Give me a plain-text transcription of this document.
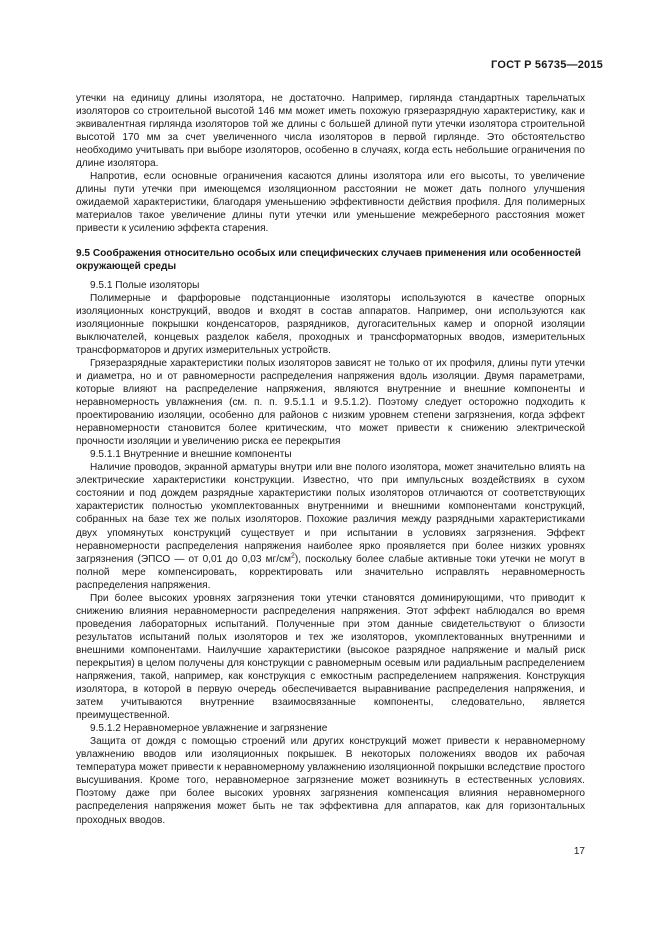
ГОСТ Р 56735—2015

утечки на единицу длины изолятора, не достаточно. Например, гирлянда стандартных тарельчатых изоляторов со строительной высотой 146 мм может иметь похожую грязеразрядную характеристику, как и эквивалентная гирлянда изоляторов той же длины с большей длиной пути утечки изолятора строительной высотой 170 мм за счет увеличенного числа изоляторов в первой гирлянде. Это обстоятельство необходимо учитывать при выборе изоляторов, особенно в случаях, когда есть небольшие ограничения по длине изолятора.

Напротив, если основные ограничения касаются длины изолятора или его высоты, то увеличение длины пути утечки при имеющемся изоляционном расстоянии не может дать полного улучшения ожидаемой характеристики, благодаря уменьшению эффективности действия профиля. Для полимерных материалов такое увеличение длины пути утечки или уменьшение межреберного расстояния может привести к усилению эффекта старения.

9.5 Соображения относительно особых или специфических случаев применения или особенностей окружающей среды

9.5.1 Полые изоляторы

Полимерные и фарфоровые подстанционные изоляторы используются в качестве опорных изоляционных конструкций, вводов и входят в состав аппаратов. Например, они используются как изоляционные покрышки конденсаторов, разрядников, дугогасительных камер и опорной изоляции выключателей, концевых разделок кабеля, проходных и трансформаторных вводов, измерительных трансформаторов и других измерительных устройств.

Грязеразрядные характеристики полых изоляторов зависят не только от их профиля, длины пути утечки и диаметра, но и от равномерности распределения напряжения вдоль изоляции. Двумя параметрами, которые влияют на распределение напряжения, являются внутренние и внешние компоненты и неравномерность увлажнения (см. п. п. 9.5.1.1 и 9.5.1.2). Поэтому следует осторожно подходить к проектированию изоляции, особенно для районов с низким уровнем степени загрязнения, когда эффект неравномерности становится более критическим, что может привести к снижению электрической прочности изоляции и увеличению риска ее перекрытия

9.5.1.1 Внутренние и внешние компоненты

Наличие проводов, экранной арматуры внутри или вне полого изолятора, может значительно влиять на электрические характеристики конструкции. Известно, что при импульсных воздействиях в сухом состоянии и под дождем разрядные характеристики полых изоляторов отличаются от соответствующих характеристик полностью укомплектованных внутренними и внешними компонентами конструкций, собранных на базе тех же полых изоляторов. Похожие различия между разрядными характеристиками двух упомянутых конструкций существует и при испытании в условиях загрязнения. Эффект неравномерности распределения напряжения наиболее ярко проявляется при более низких уровнях загрязнения (ЭПСО — от 0,01 до 0,03 $мг/см^2$), поскольку более слабые активные токи утечки не могут в полной мере компенсировать, корректировать или значительно исправлять неравномерность распределения напряжения.

При более высоких уровнях загрязнения токи утечки становятся доминирующими, что приводит к снижению влияния неравномерности распределения напряжения. Этот эффект наблюдался во время проведения лабораторных испытаний. Полученные при этом данные свидетельствуют о близости результатов испытаний полых изоляторов и тех же изоляторов, укомплектованных внутренними и внешними компонентами. Наилучшие характеристики (высокое разрядное напряжение и малый риск перекрытия) в целом получены для конструкции с равномерным осевым или радиальным распределением напряжения, такой, например, как конструкция с емкостным распределением напряжения. Конструкция изолятора, в которой в первую очередь обеспечивается выравнивание распределения напряжения, и затем учитываются внутренние взаимосвязанные компоненты, следовательно, является преимущественной.

9.5.1.2 Неравномерное увлажнение и загрязнение

Защита от дождя с помощью строений или других конструкций может привести к неравномерному увлажнению вводов или изоляционных покрышек. В некоторых положениях вводов их рабочая температура может привести к неравномерному увлажнению изоляционной покрышки вследствие простого высушивания. Кроме того, неравномерное загрязнение может возникнуть в естественных условиях. Поэтому даже при более высоких уровнях загрязнения компенсация влияния неравномерного распределения напряжения может быть не так эффективна для аппаратов, как для горизонтальных проходных вводов.

17
